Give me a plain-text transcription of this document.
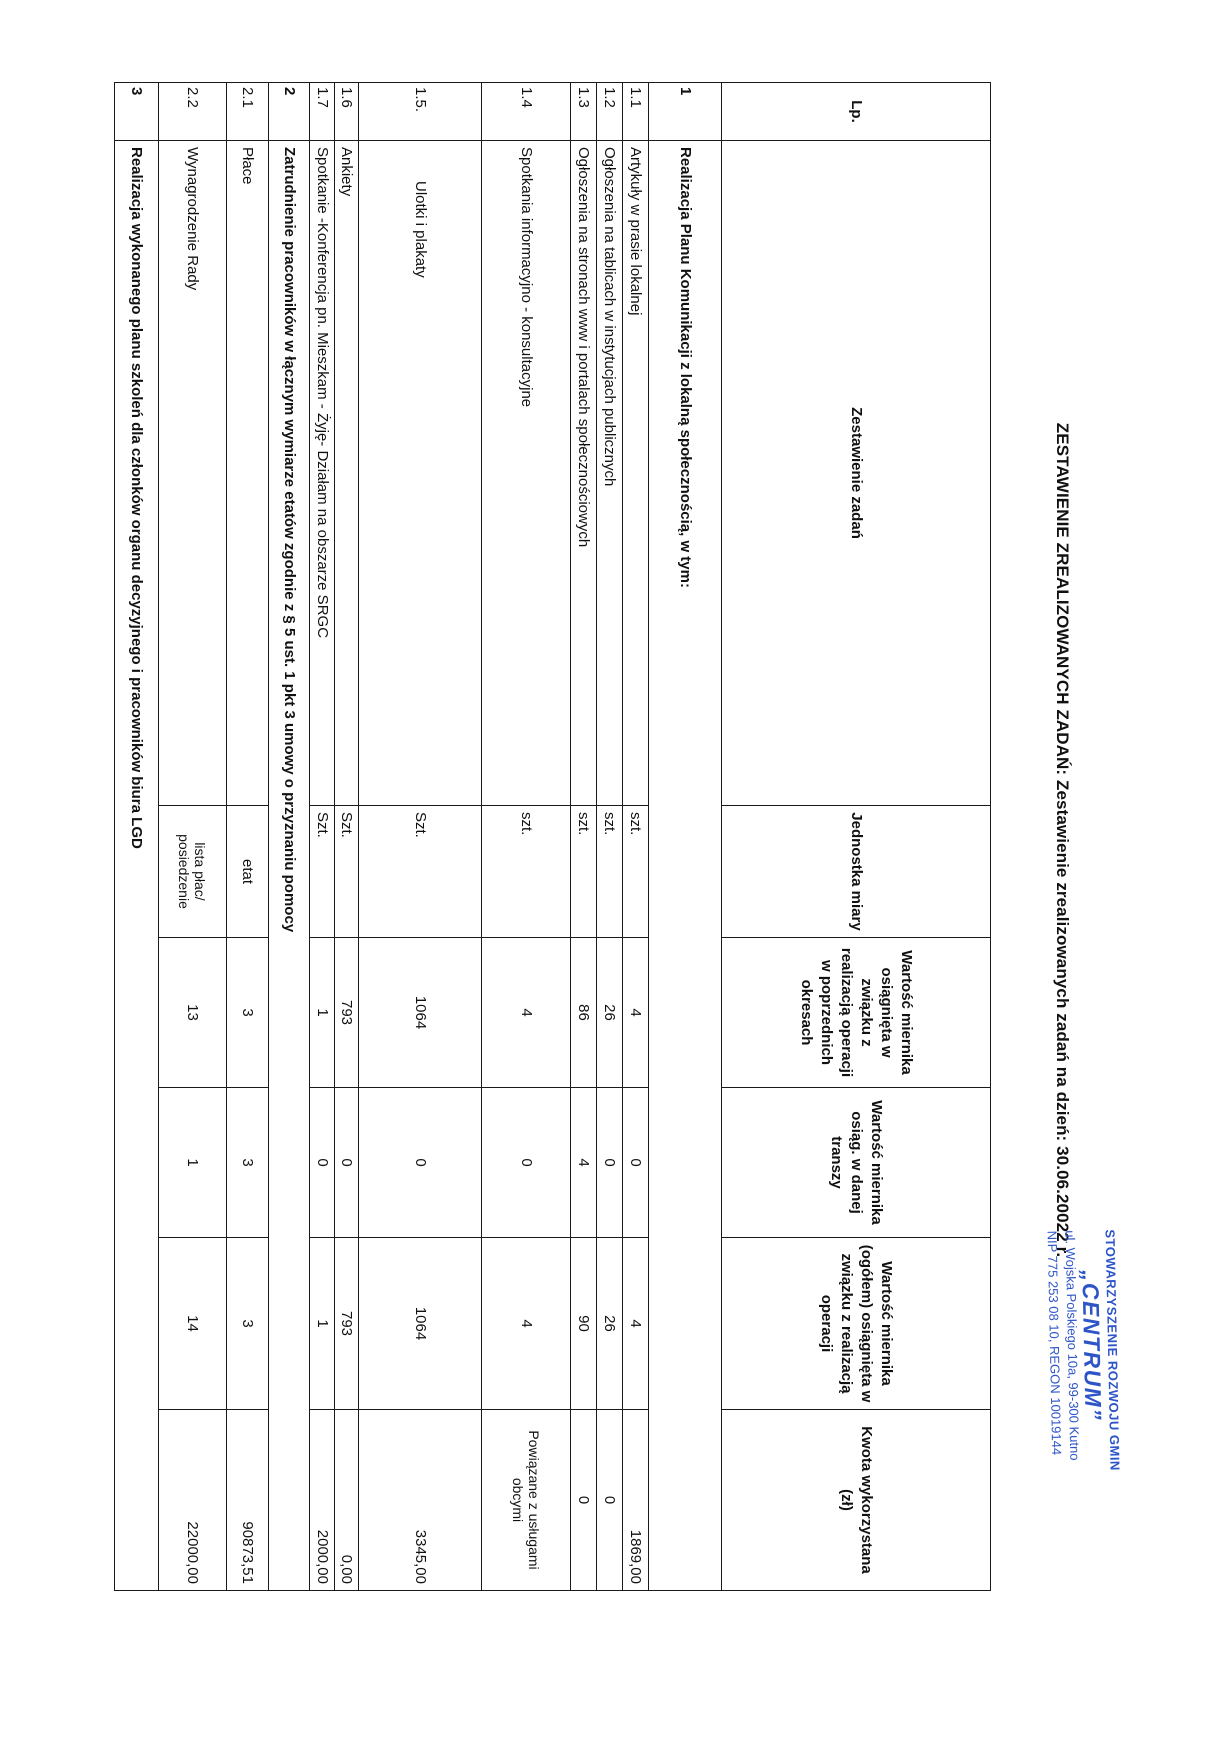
ZESTAWIENIE ZREALIZOWANYCH ZADAŃ: Zestawienie zrealizowanych zadań na dzień: 30.06.20022 r.
STOWARZYSZENIE ROZWOJU GMIN
„CENTRUM”
ul. Wojska Polskiego 10a, 99-300 Kutno
NIP 775 253 08 10, REGON 10019144
Lp.	Zestawienie zadań	Jednostka miary	Wartość miernika osiągnięta w związku z realizacją operacji w poprzednich okresach	Wartość miernika osiąg. w danej transzy	Wartość miernika (ogółem) osiągnięta w związku z realizacją operacji	Kwota wykorzystana (zł)
1	Realizacja Planu Komunikacji z lokalną społecznością, w tym:					
1.1	Artykuły w prasie lokalnej	szt.	4	0	4	1869,00
1.2	Ogłoszenia na tablicach w instytucjach publicznych	szt.	26	0	26	0
1.3	Ogłoszenia na stronach www i portalach społecznościowych	szt.	86	4	90	0
1.4	Spotkania informacyjno - konsultacyjne	szt.	4	0	4	Powiązane z usługami obcymi
1.5.	Ulotki i plakaty	Szt.	1064	0	1064	3345,00
1.6	Ankiety	Szt.	793	0	793	0,00
1.7	Spotkanie -Konferencja pn. Mieszkam - Żyję- Działam na obszarze SRGC	Szt.	1	0	1	2000,00
2	Zatrudnienie pracowników w łącznym wymiarze etatów zgodnie z § 5 ust. 1 pkt 3 umowy o przyznaniu pomocy					
2.1	Płace	etat	3	3	3	90873,51
2.2	Wynagrodzenie Rady	lista płac/ posiedzenie	13	1	14	22000,00
3	Realizacja wykonanego planu szkoleń dla członków organu decyzyjnego i pracowników biura LGD					
